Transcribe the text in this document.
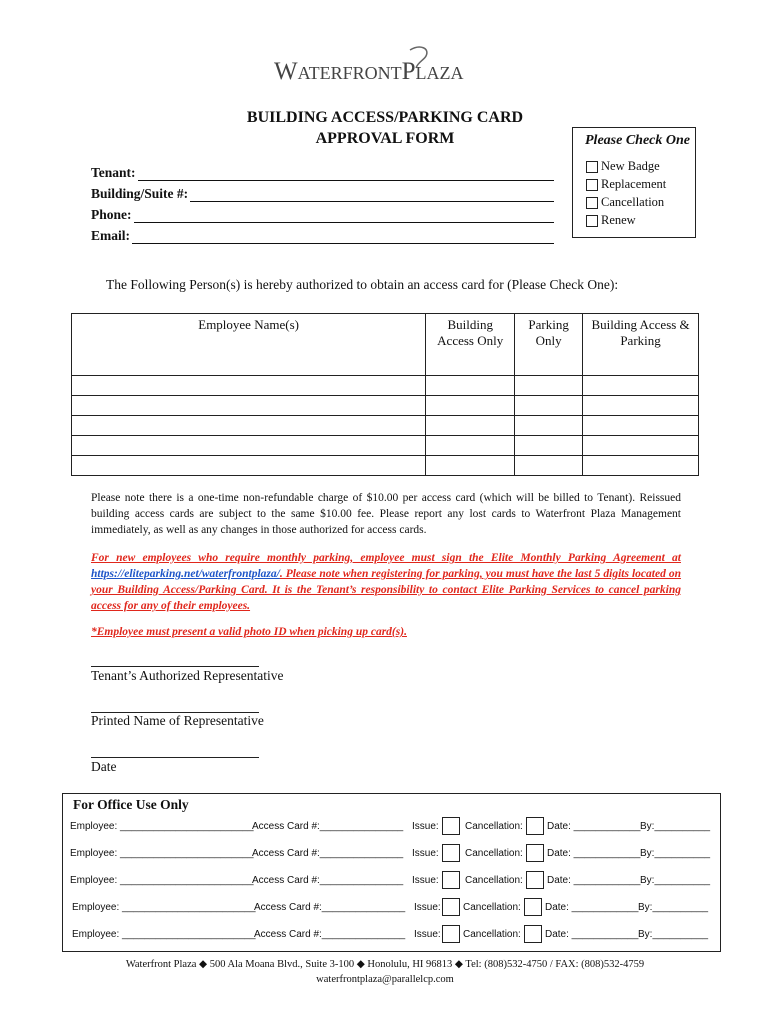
WaterfrontPlaza
BUILDING ACCESS/PARKING CARD
APPROVAL FORM
Tenant:
Building/Suite #:
Phone:
Email:
Please Check One
New Badge
Replacement
Cancellation
Renew
The Following Person(s) is hereby authorized to obtain an access card for (Please Check One):
Employee Name(s)	Building Access Only	Parking Only	Building Access & Parking

Please note there is a one-time non-refundable charge of $10.00 per access card (which will be billed to Tenant). Reissued building access cards are subject to the same $10.00 fee. Please report any lost cards to Waterfront Plaza Management immediately, as well as any changes in those authorized for access cards.
For new employees who require monthly parking, employee must sign the Elite Monthly Parking Agreement at https://eliteparking.net/waterfrontplaza/. Please note when registering for parking, you must have the last 5 digits located on your Building Access/Parking Card. It is the Tenant’s responsibility to contact Elite Parking Services to cancel parking access for any of their employees.
*Employee must present a valid photo ID when picking up card(s).
Tenant’s Authorized Representative
Printed Name of Representative
Date
For Office Use Only
Employee: ________________________
Access Card #:_______________ Issue:	Cancellation: Date: ____________ By:__________
Employee: ________________________
Access Card #:_______________ Issue:	Cancellation: Date: ____________ By:__________
Employee: ________________________
Access Card #:_______________ Issue:	Cancellation: Date: ____________ By:__________
Employee: ________________________
Access Card #:_______________ Issue: Cancellation: Date: ____________ By:__________
Employee: ________________________
Access Card #:_______________ Issue: Cancellation: Date: ____________ By:__________
Waterfront Plaza ◆ 500 Ala Moana Blvd., Suite 3-100 ◆ Honolulu, HI 96813 ◆ Tel: (808)532-4750 / FAX: (808)532-4759
waterfrontplaza@parallelcp.com
